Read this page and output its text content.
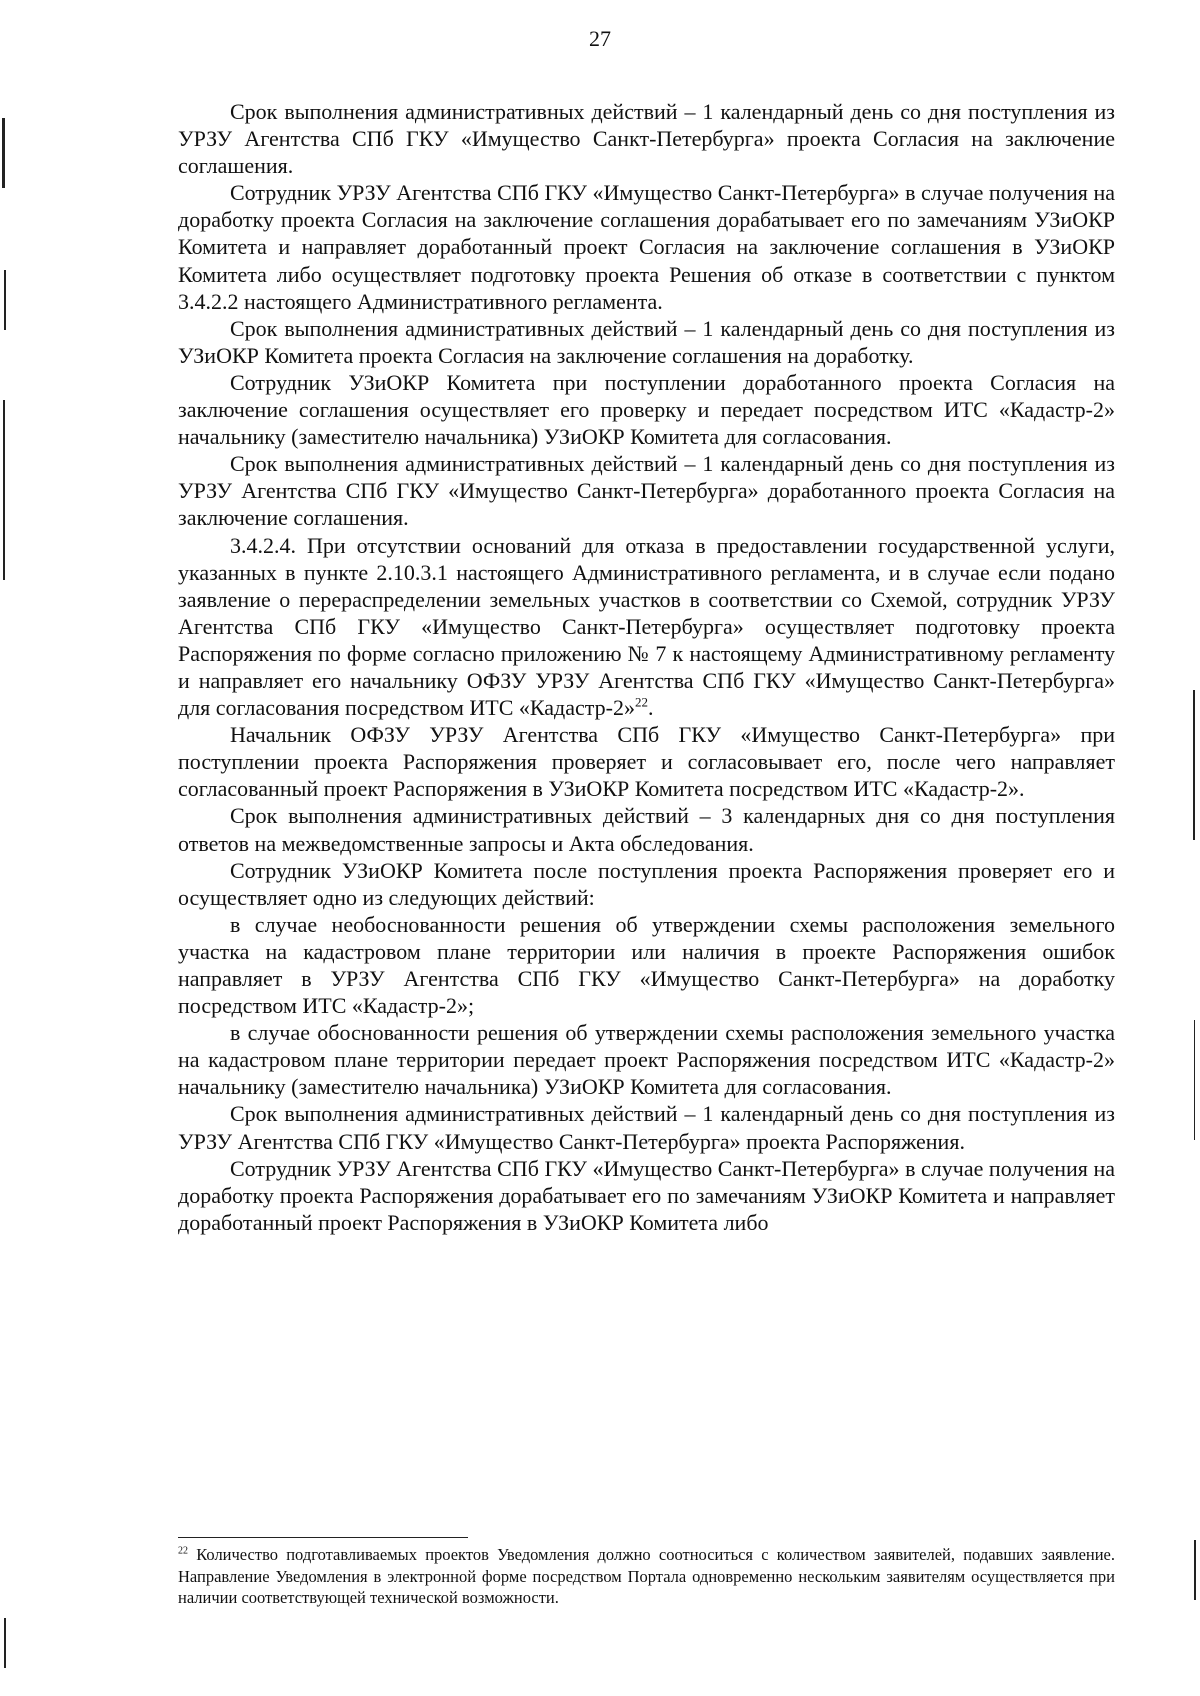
27

Срок выполнения административных действий – 1 календарный день со дня поступления из УРЗУ Агентства СПб ГКУ «Имущество Санкт-Петербурга» проекта Согласия на заключение соглашения.

Сотрудник УРЗУ Агентства СПб ГКУ «Имущество Санкт-Петербурга» в случае получения на доработку проекта Согласия на заключение соглашения дорабатывает его по замечаниям УЗиОКР Комитета и направляет доработанный проект Согласия на заключение соглашения в УЗиОКР Комитета либо осуществляет подготовку проекта Решения об отказе в соответствии с пунктом 3.4.2.2 настоящего Административного регламента.

Срок выполнения административных действий – 1 календарный день со дня поступления из УЗиОКР Комитета проекта Согласия на заключение соглашения на доработку.

Сотрудник УЗиОКР Комитета при поступлении доработанного проекта Согласия на заключение соглашения осуществляет его проверку и передает посредством ИТС «Кадастр-2» начальнику (заместителю начальника) УЗиОКР Комитета для согласования.

Срок выполнения административных действий – 1 календарный день со дня поступления из УРЗУ Агентства СПб ГКУ «Имущество Санкт-Петербурга» доработанного проекта Согласия на заключение соглашения.

3.4.2.4. При отсутствии оснований для отказа в предоставлении государственной услуги, указанных в пункте 2.10.3.1 настоящего Административного регламента, и в случае если подано заявление о перераспределении земельных участков в соответствии со Схемой, сотрудник УРЗУ Агентства СПб ГКУ «Имущество Санкт-Петербурга» осуществляет подготовку проекта Распоряжения по форме согласно приложению № 7 к настоящему Административному регламенту и направляет его начальнику ОФЗУ УРЗУ Агентства СПб ГКУ «Имущество Санкт-Петербурга» для согласования посредством ИТС «Кадастр-2»$^{22}$.

Начальник ОФЗУ УРЗУ Агентства СПб ГКУ «Имущество Санкт-Петербурга» при поступлении проекта Распоряжения проверяет и согласовывает его, после чего направляет согласованный проект Распоряжения в УЗиОКР Комитета посредством ИТС «Кадастр-2».

Срок выполнения административных действий – 3 календарных дня со дня поступления ответов на межведомственные запросы и Акта обследования.

Сотрудник УЗиОКР Комитета после поступления проекта Распоряжения проверяет его и осуществляет одно из следующих действий:

в случае необоснованности решения об утверждении схемы расположения земельного участка на кадастровом плане территории или наличия в проекте Распоряжения ошибок направляет в УРЗУ Агентства СПб ГКУ «Имущество Санкт-Петербурга» на доработку посредством ИТС «Кадастр-2»;

в случае обоснованности решения об утверждении схемы расположения земельного участка на кадастровом плане территории передает проект Распоряжения посредством ИТС «Кадастр-2» начальнику (заместителю начальника) УЗиОКР Комитета для согласования.

Срок выполнения административных действий – 1 календарный день со дня поступления из УРЗУ Агентства СПб ГКУ «Имущество Санкт-Петербурга» проекта Распоряжения.

Сотрудник УРЗУ Агентства СПб ГКУ «Имущество Санкт-Петербурга» в случае получения на доработку проекта Распоряжения дорабатывает его по замечаниям УЗиОКР Комитета и направляет доработанный проект Распоряжения в УЗиОКР Комитета либо

$^{22}$ Количество подготавливаемых проектов Уведомления должно соотноситься с количеством заявителей, подавших заявление. Направление Уведомления в электронной форме посредством Портала одновременно нескольким заявителям осуществляется при наличии соответствующей технической возможности.
